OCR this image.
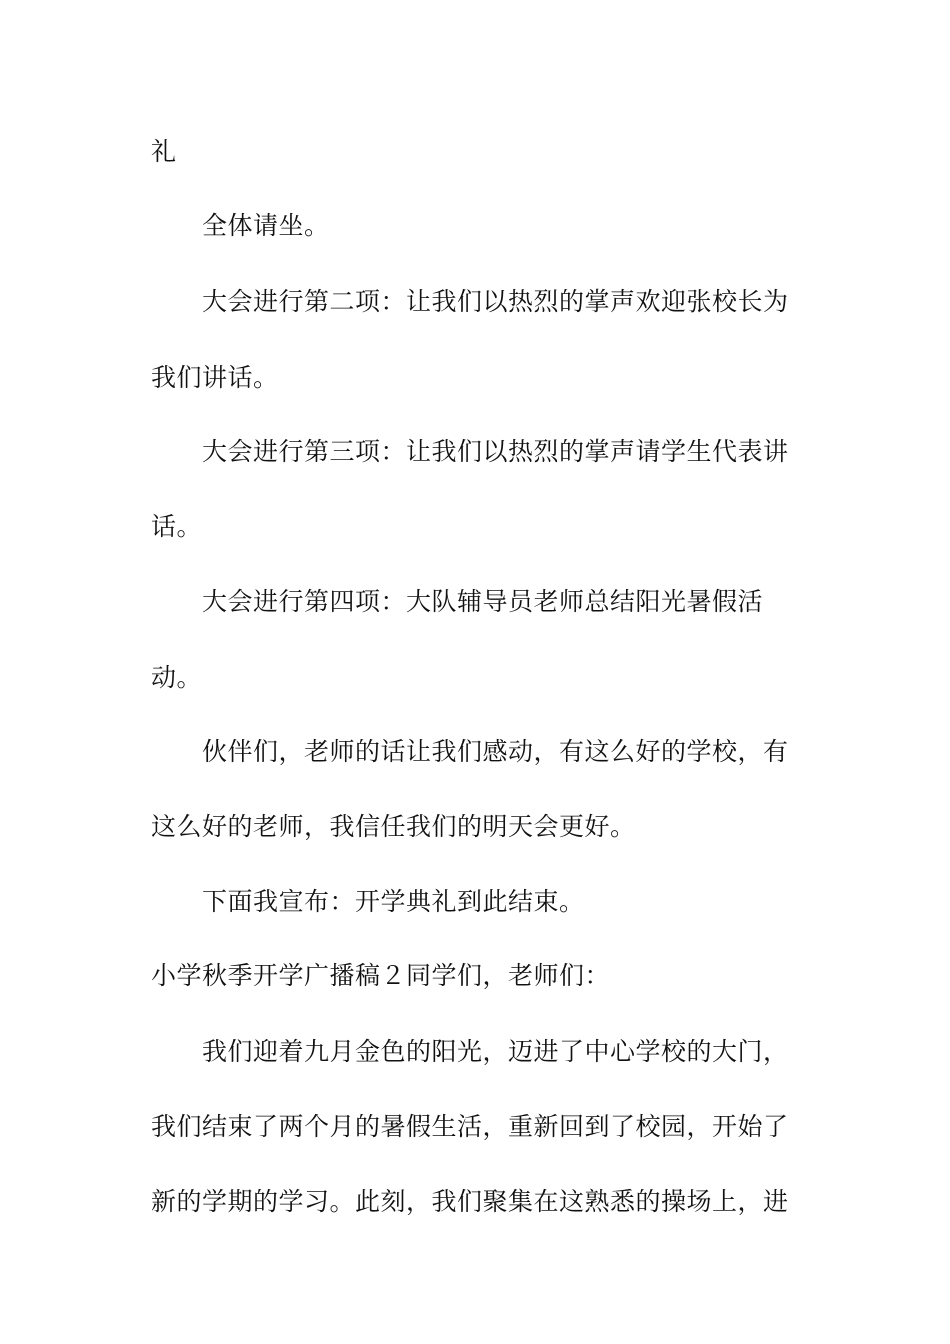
礼
全体请坐。
大会进行第二项：让我们以热烈的掌声欢迎张校长为
我们讲话。
大会进行第三项：让我们以热烈的掌声请学生代表讲
话。
大会进行第四项：大队辅导员老师总结阳光暑假活
动。
伙伴们，老师的话让我们感动，有这么好的学校，有
这么好的老师，我信任我们的明天会更好。
下面我宣布：开学典礼到此结束。
小学秋季开学广播稿２同学们，老师们：
我们迎着九月金色的阳光，迈进了中心学校的大门，
我们结束了两个月的暑假生活，重新回到了校园，开始了
新的学期的学习。此刻，我们聚集在这熟悉的操场上，进
